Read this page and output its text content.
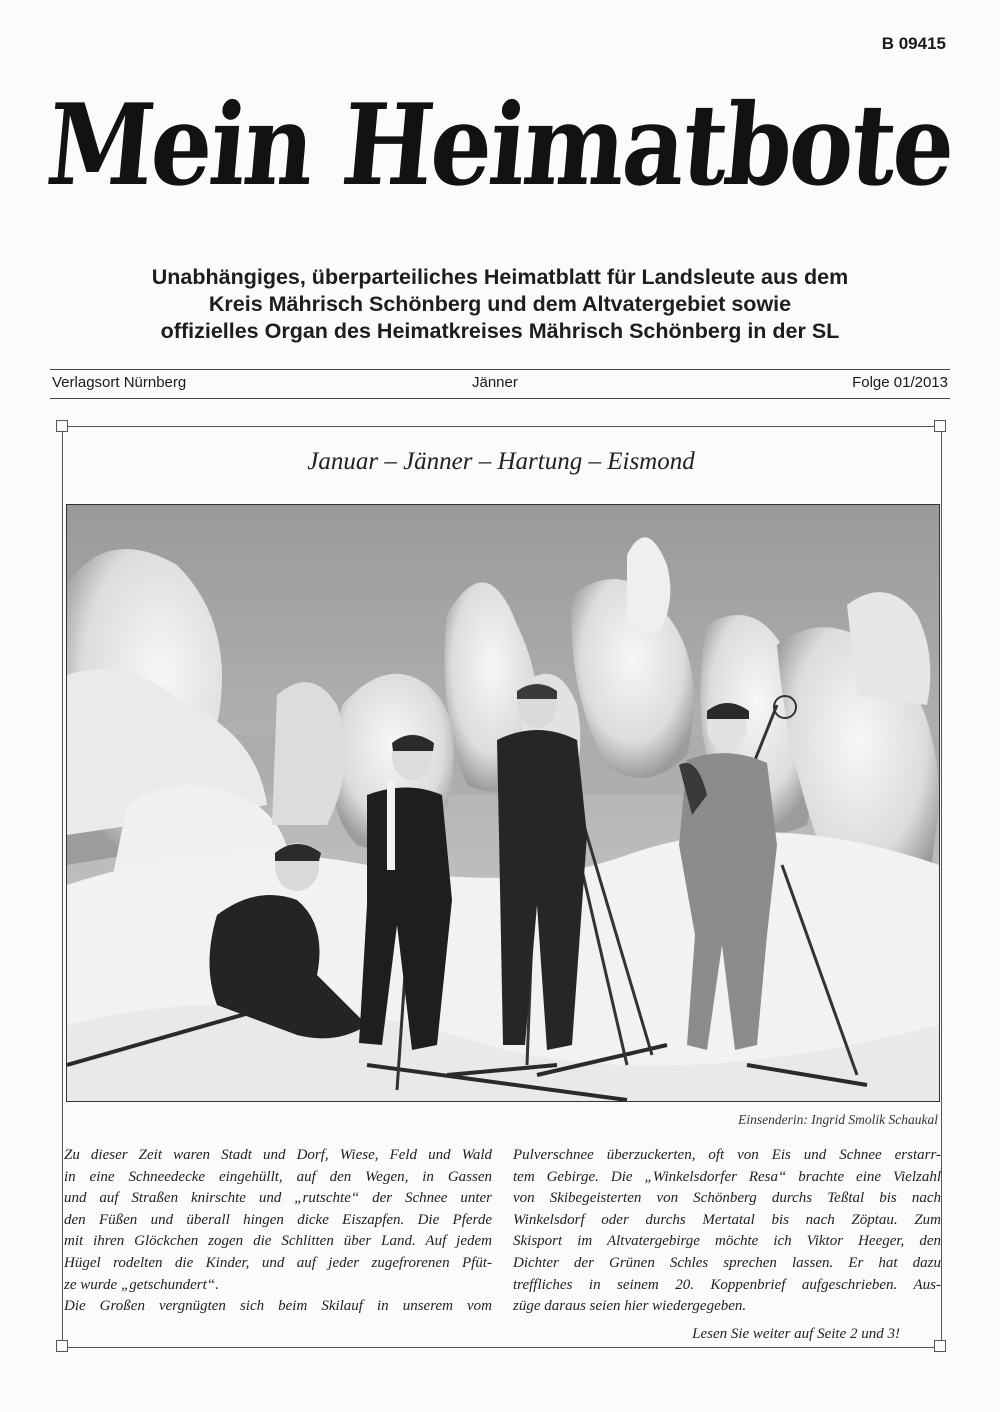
B 09415
Mein Heimatbote
Unabhängiges, überparteiliches Heimatblatt für Landsleute aus dem
Kreis Mährisch Schönberg und dem Altvatergebiet sowie
offizielles Organ des Heimatkreises Mährisch Schönberg in der SL
Verlagsort Nürnberg	Jänner	Folge 01/2013
Januar – Jänner – Hartung – Eismond
Einsenderin: Ingrid Smolik Schaukal
Zu dieser Zeit waren Stadt und Dorf, Wiese, Feld und Wald
in eine Schneedecke eingehüllt, auf den Wegen, in Gassen
und auf Straßen knirschte und „rutschte“ der Schnee unter
den Füßen und überall hingen dicke Eiszapfen. Die Pferde
mit ihren Glöckchen zogen die Schlitten über Land. Auf jedem
Hügel rodelten die Kinder, und auf jeder zugefrorenen Pfüt-
ze wurde „getschundert“.
Die Großen vergnügten sich beim Skilauf in unserem vom
Pulverschnee überzuckerten, oft von Eis und Schnee erstarr-
tem Gebirge. Die „Winkelsdorfer Resa“ brachte eine Vielzahl
von Skibegeisterten von Schönberg durchs Teßtal bis nach
Winkelsdorf oder durchs Mertatal bis nach Zöptau. Zum
Skisport im Altvatergebirge möchte ich Viktor Heeger, den
Dichter der Grünen Schles sprechen lassen. Er hat dazu
treffliches in seinem 20. Koppenbrief aufgeschrieben. Aus-
züge daraus seien hier wiedergegeben.
Lesen Sie weiter auf Seite 2 und 3!
